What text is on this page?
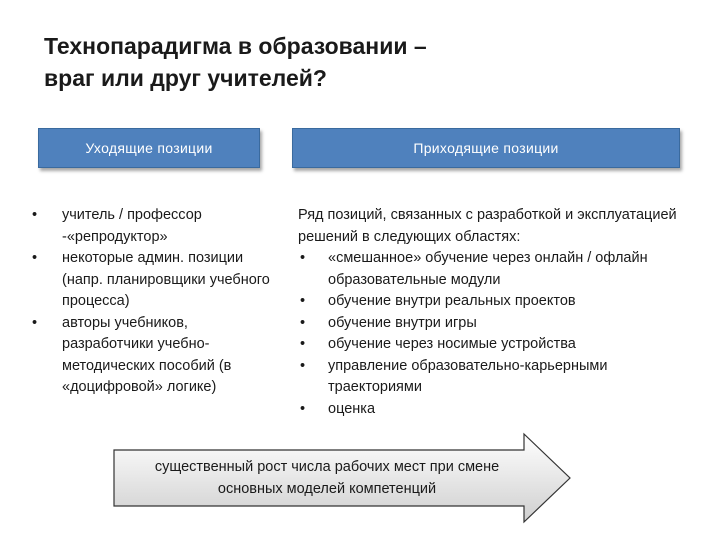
Технопарадигма в образовании –
враг или друг учителей?
Уходящие позиции	Приходящие позиции
• учитель / профессор -«репродуктор»
• некоторые админ. позиции (напр. планировщики учебного процесса)
• авторы учебников, разработчики учебно-методических пособий (в «доцифровой» логике)
Ряд позиций, связанных с разработкой и эксплуатацией решений в следующих областях:
• «смешанное» обучение через онлайн / офлайн образовательные модули
• обучение внутри реальных проектов
• обучение внутри игры
• обучение через носимые устройства
• управление образовательно-карьерными траекториями
• оценка
существенный рост числа рабочих мест при смене
основных моделей компетенций
